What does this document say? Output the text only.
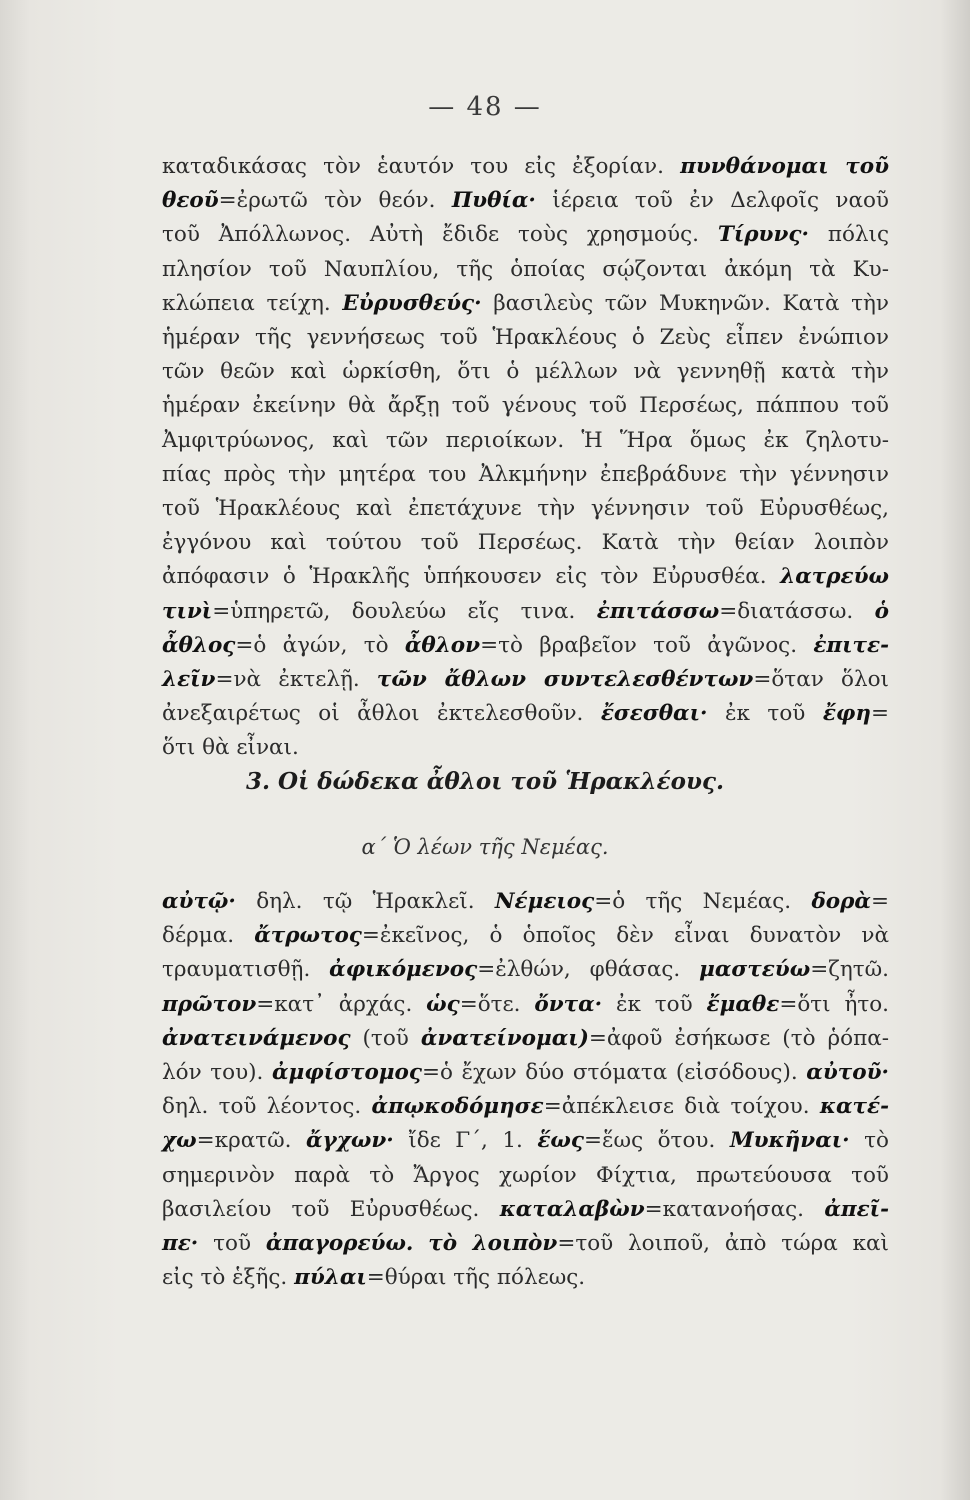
— 48 —
καταδικάσας τὸν ἑαυτόν του εἰς ἐξορίαν. πυνθάνομαι τοῦ
θεοῦ=ἐρωτῶ τὸν θεόν. Πυθία· ἱέρεια τοῦ ἐν Δελφοῖς ναοῦ
τοῦ Ἀπόλλωνος. Αὐτὴ ἔδιδε τοὺς χρησμούς. Τίρυνς· πόλις
πλησίον τοῦ Ναυπλίου, τῆς ὁποίας σῴζονται ἀκόμη τὰ Κυ-
κλώπεια τείχη. Εὐρυσθεύς· βασιλεὺς τῶν Μυκηνῶν. Κατὰ τὴν
ἡμέραν τῆς γεννήσεως τοῦ Ἡρακλέους ὁ Ζεὺς εἶπεν ἐνώπιον
τῶν θεῶν καὶ ὡρκίσθη, ὅτι ὁ μέλλων νὰ γεννηθῇ κατὰ τὴν
ἡμέραν ἐκείνην θὰ ἄρξῃ τοῦ γένους τοῦ Περσέως, πάππου τοῦ
Ἀμφιτρύωνος, καὶ τῶν περιοίκων. Ἡ Ἥρα ὅμως ἐκ ζηλοτυ-
πίας πρὸς τὴν μητέρα του Ἀλκμήνην ἐπεβράδυνε τὴν γέννησιν
τοῦ Ἡρακλέους καὶ ἐπετάχυνε τὴν γέννησιν τοῦ Εὐρυσθέως,
ἐγγόνου καὶ τούτου τοῦ Περσέως. Κατὰ τὴν θείαν λοιπὸν
ἀπόφασιν ὁ Ἡρακλῆς ὑπήκουσεν εἰς τὸν Εὐρυσθέα. λατρεύω
τινὶ=ὑπηρετῶ, δουλεύω εἴς τινα. ἐπιτάσσω=διατάσσω. ὁ
ἆθλος=ὁ ἀγών, τὸ ἆθλον=τὸ βραβεῖον τοῦ ἀγῶνος. ἐπιτε-
λεῖν=νὰ ἐκτελῇ. τῶν ἄθλων συντελεσθέντων=ὅταν ὅλοι
ἀνεξαιρέτως οἱ ἆθλοι ἐκτελεσθοῦν. ἔσεσθαι· ἐκ τοῦ ἔφη=
ὅτι θὰ εἶναι.
3. Οἱ δώδεκα ἆθλοι τοῦ Ἡρακλέους.
α´ Ὁ λέων τῆς Νεμέας.
αὐτῷ· δηλ. τῷ Ἡρακλεῖ. Νέμειος=ὁ τῆς Νεμέας. δορὰ=
δέρμα. ἄτρωτος=ἐκεῖνος, ὁ ὁποῖος δὲν εἶναι δυνατὸν νὰ
τραυματισθῇ. ἀφικόμενος=ἐλθών, φθάσας. μαστεύω=ζητῶ.
πρῶτον=κατ᾽ ἀρχάς. ὡς=ὅτε. ὄντα· ἐκ τοῦ ἔμαθε=ὅτι ἦτο.
ἀνατεινάμενος (τοῦ ἀνατείνομαι)=ἀφοῦ ἐσήκωσε (τὸ ῥόπα-
λόν του). ἀμφίστομος=ὁ ἔχων δύο στόματα (εἰσόδους). αὐτοῦ·
δηλ. τοῦ λέοντος. ἀπῳκοδόμησε=ἀπέκλεισε διὰ τοίχου. κατέ-
χω=κρατῶ. ἄγχων· ἴδε Γ´, 1. ἕως=ἕως ὅτου. Μυκῆναι· τὸ
σημερινὸν παρὰ τὸ Ἄργος χωρίον Φίχτια, πρωτεύουσα τοῦ
βασιλείου τοῦ Εὐρυσθέως. καταλαβὼν=κατανοήσας. ἀπεῖ-
πε· τοῦ ἀπαγορεύω. τὸ λοιπὸν=τοῦ λοιποῦ, ἀπὸ τώρα καὶ
εἰς τὸ ἑξῆς. πύλαι=θύραι τῆς πόλεως.
